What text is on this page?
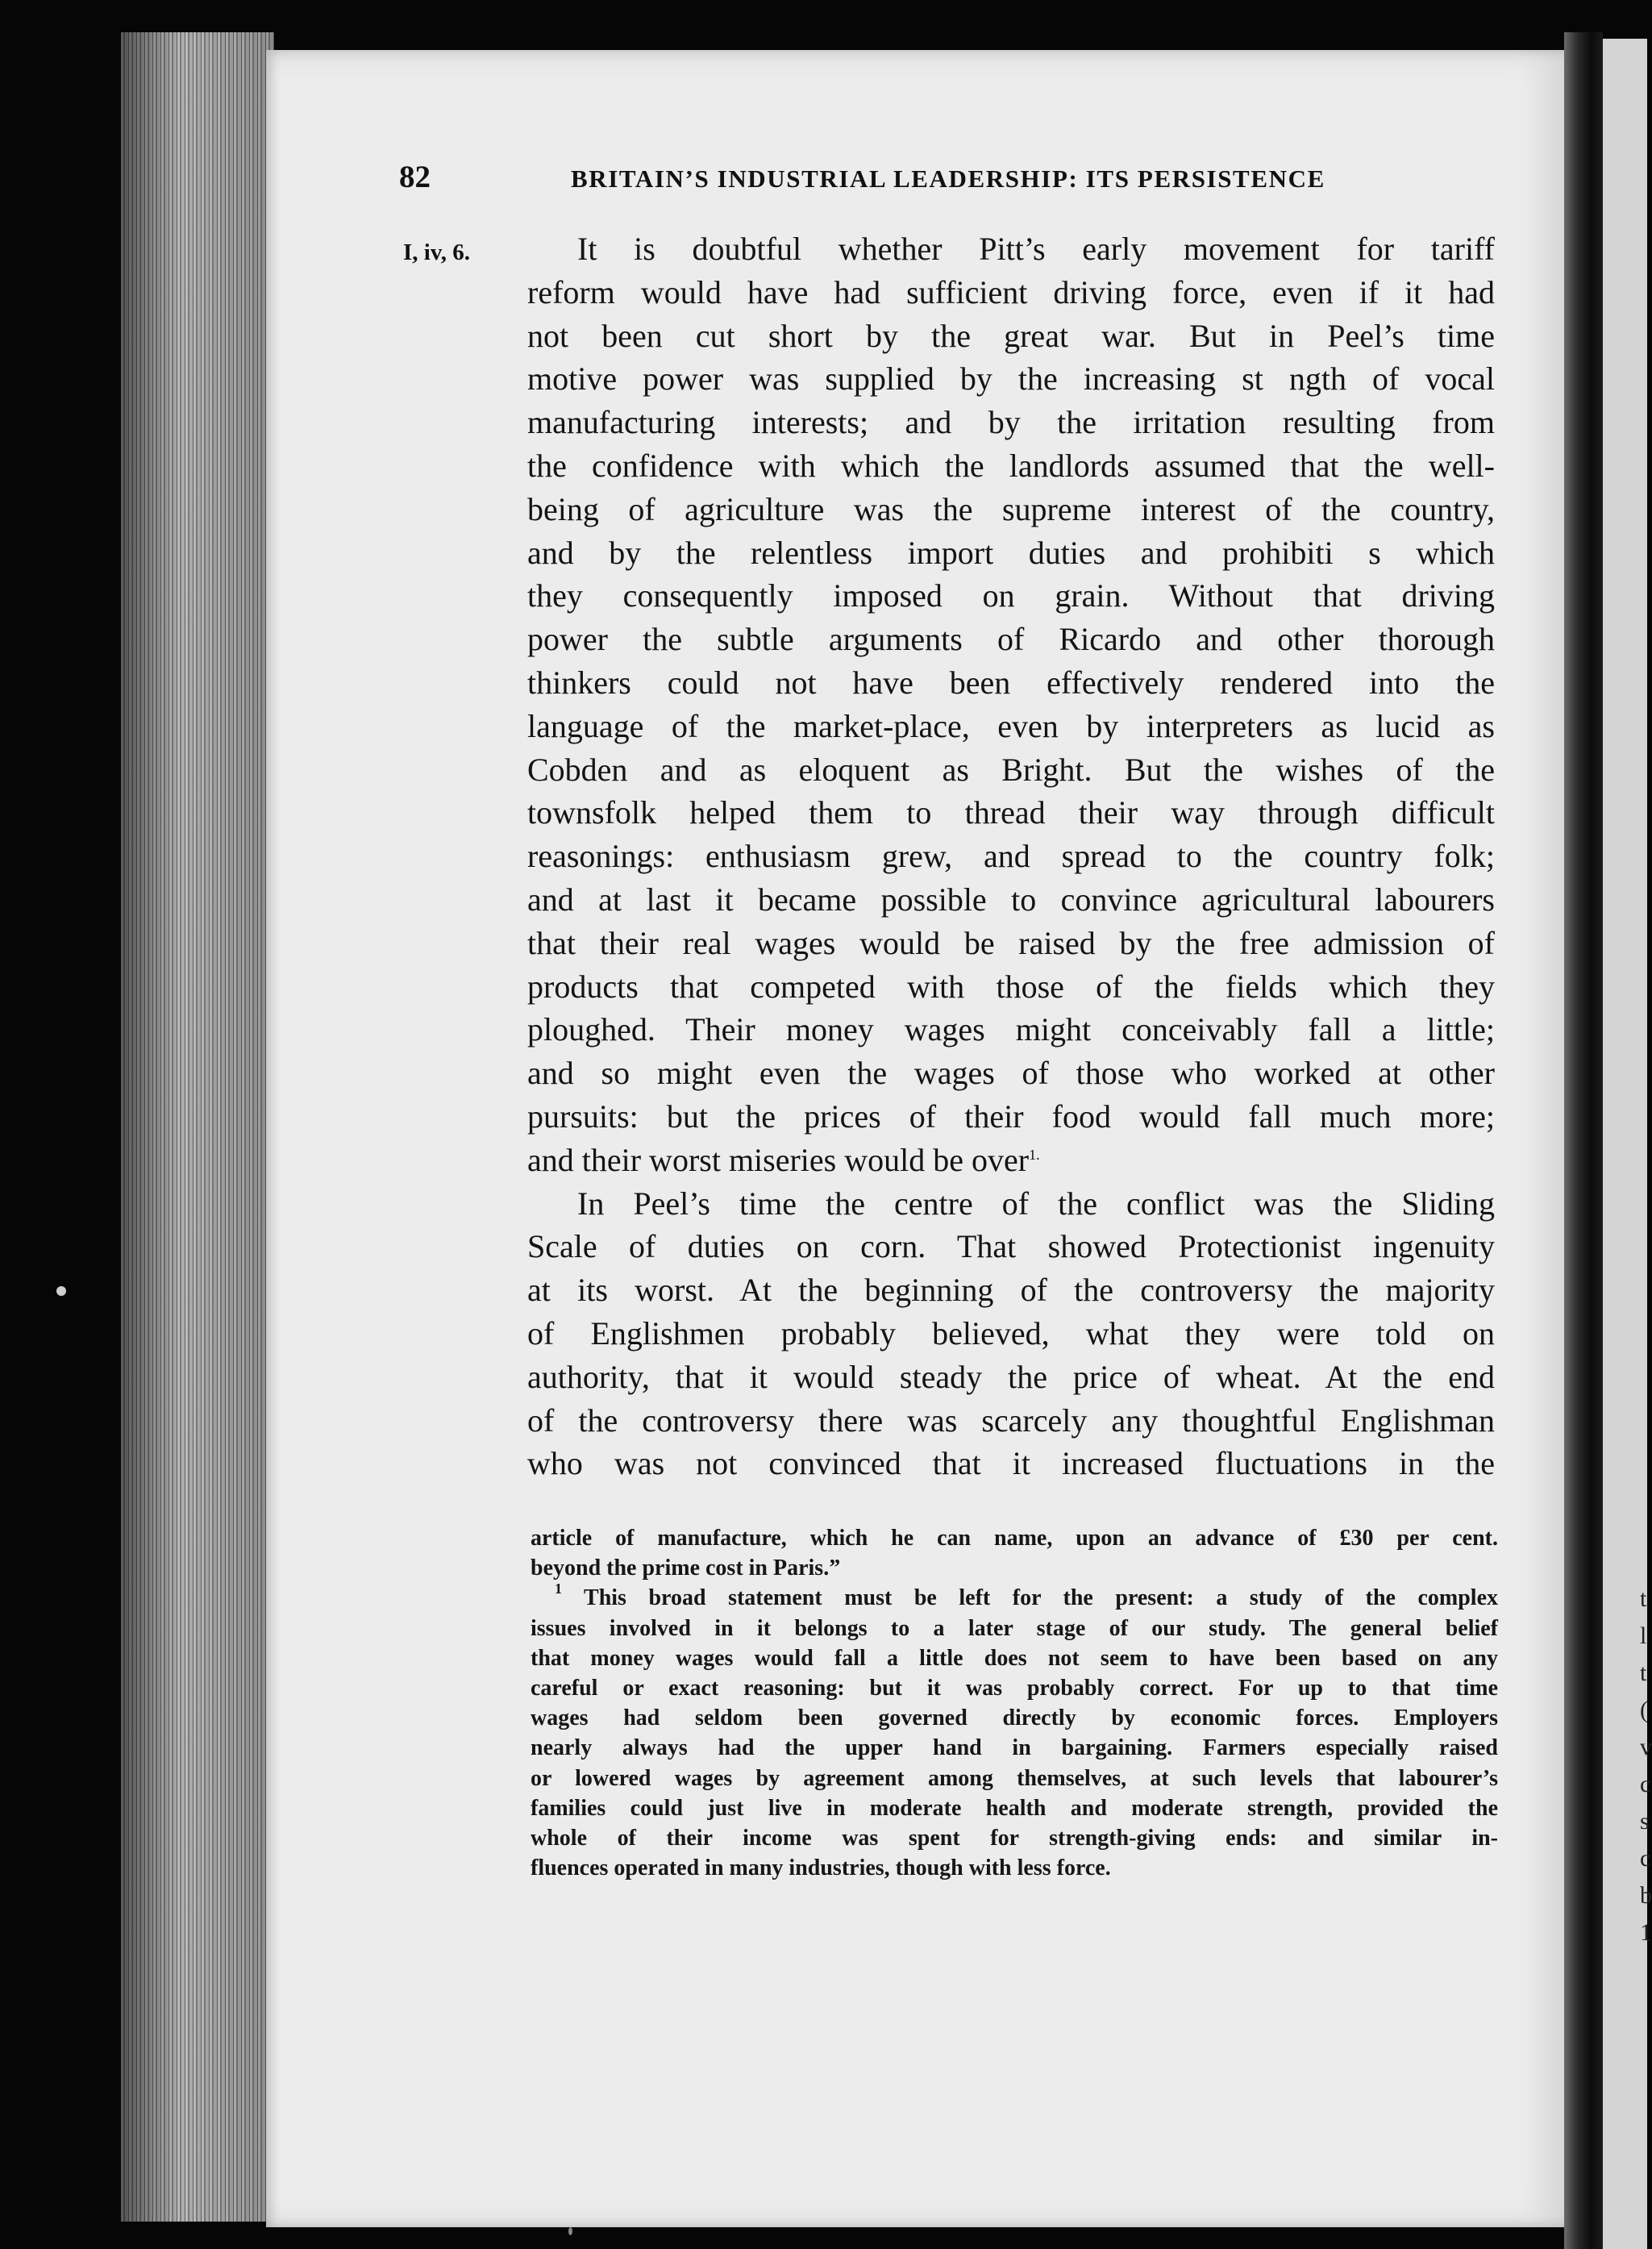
t
l
t
(
v
c
s
c
b
1
82	BRITAIN’S INDUSTRIAL LEADERSHIP: ITS PERSISTENCE
I, iv, 6.	It is doubtful whether Pitt’s early movement for tariff
reform would have had sufficient driving force, even if it had
not been cut short by the great war. But in Peel’s time
motive power was supplied by the increasing st ngth of vocal
manufacturing interests; and by the irritation resulting from
the confidence with which the landlords assumed that the well-
being of agriculture was the supreme interest of the country,
and by the relentless import duties and prohibiti s which
they consequently imposed on grain. Without that driving
power the subtle arguments of Ricardo and other thorough
thinkers could not have been effectively rendered into the
language of the market-place, even by interpreters as lucid as
Cobden and as eloquent as Bright. But the wishes of the
townsfolk helped them to thread their way through difficult
reasonings: enthusiasm grew, and spread to the country folk;
and at last it became possible to convince agricultural labourers
that their real wages would be raised by the free admission of
products that competed with those of the fields which they
ploughed. Their money wages might conceivably fall a little;
and so might even the wages of those who worked at other
pursuits: but the prices of their food would fall much more;
and their worst miseries would be over$^{1.}$
In Peel’s time the centre of the conflict was the Sliding
Scale of duties on corn. That showed Protectionist ingenuity
at its worst. At the beginning of the controversy the majority
of Englishmen probably believed, what they were told on
authority, that it would steady the price of wheat. At the end
of the controversy there was scarcely any thoughtful Englishman
who was not convinced that it increased fluctuations in the
article of manufacture, which he can name, upon an advance of £30 per cent.
beyond the prime cost in Paris.”
$^1$ This broad statement must be left for the present: a study of the complex
issues involved in it belongs to a later stage of our study. The general belief
that money wages would fall a little does not seem to have been based on any
careful or exact reasoning: but it was probably correct. For up to that time
wages had seldom been governed directly by economic forces. Employers
nearly always had the upper hand in bargaining. Farmers especially raised
or lowered wages by agreement among themselves, at such levels that labourer’s
families could just live in moderate health and moderate strength, provided the
whole of their income was spent for strength-giving ends: and similar in-
fluences operated in many industries, though with less force.
